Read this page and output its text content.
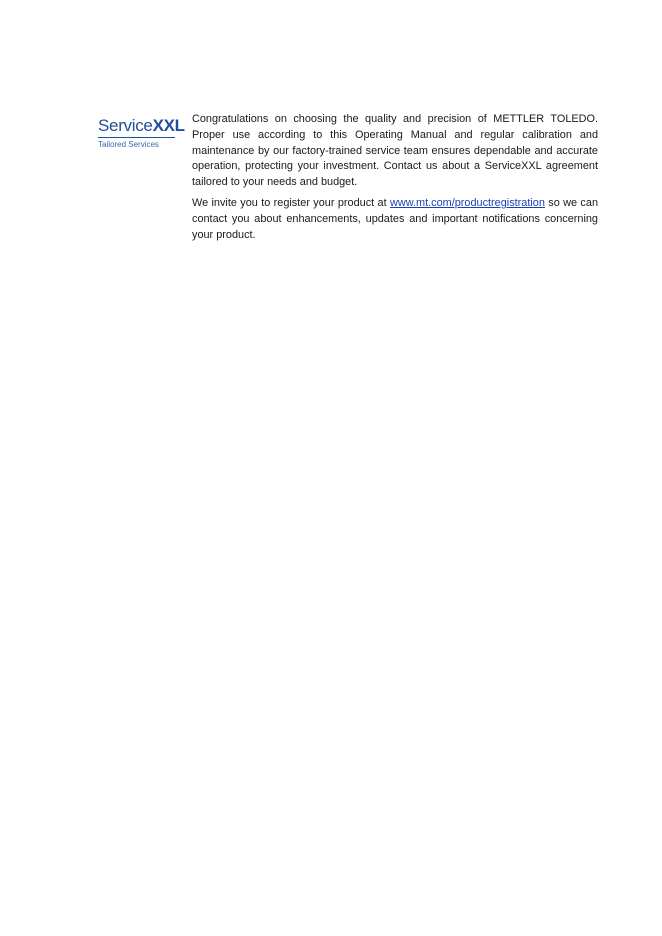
ServiceXXL
Tailored Services

Congratulations on choosing the quality and precision of METTLER TOLEDO. Proper use according to this Operating Manual and regular calibration and maintenance by our factory-trained service team ensures dependable and accurate operation, protecting your investment. Contact us about a ServiceXXL agreement tailored to your needs and budget.

We invite you to register your product at www.mt.com/productregistration so we can contact you about enhancements, updates and important notifications concerning your product.
